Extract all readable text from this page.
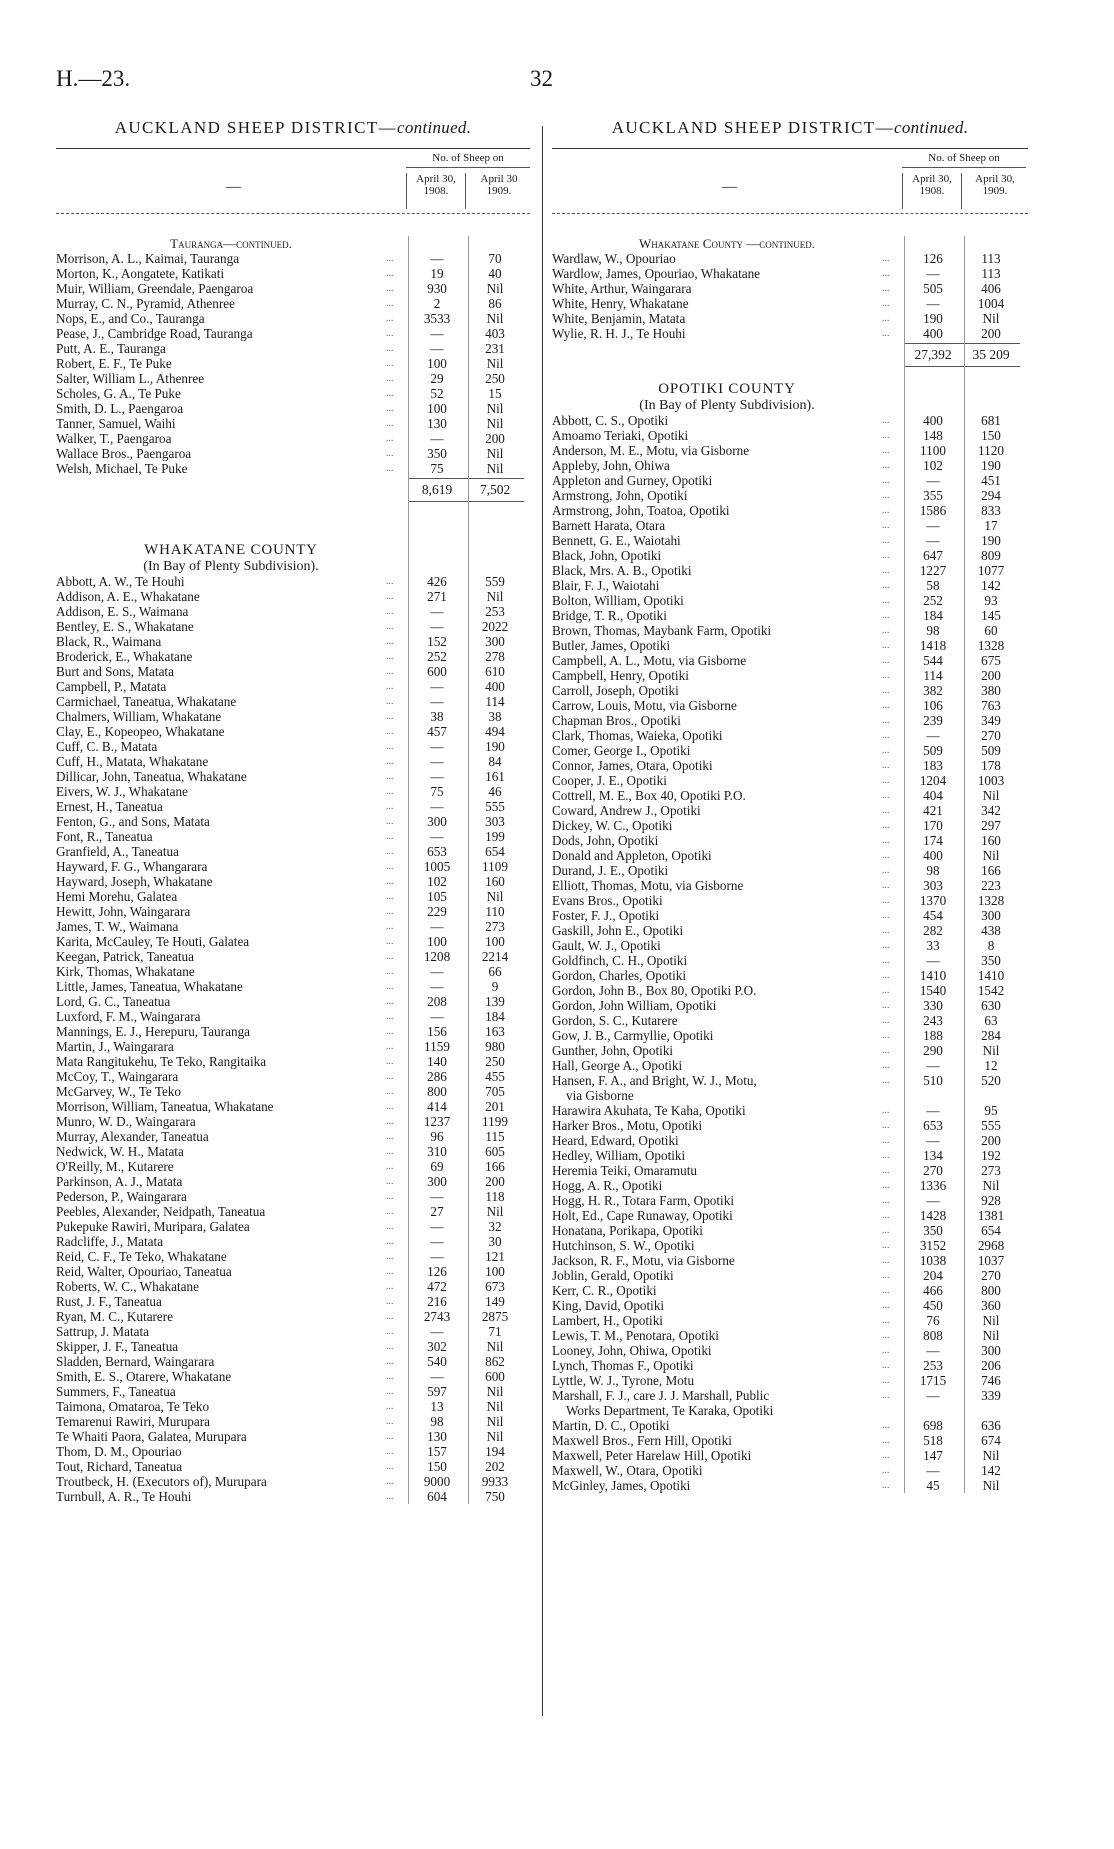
H.—23.	32
AUCKLAND SHEEP DISTRICT—continued.
—
No. of Sheep on
April 30,
1908.
April 30
1909.
Tauranga—continued.
Morrison, A. L., Kaimai, Tauranga	...	—	70
Morton, K., Aongatete, Katikati	...	19	40
Muir, William, Greendale, Paengaroa	...	930	Nil
Murray, C. N., Pyramid, Athenree	...	2	86
Nops, E., and Co., Tauranga	...	3533	Nil
Pease, J., Cambridge Road, Tauranga	...	—	403
Putt, A. E., Tauranga	...	—	231
Robert, E. F., Te Puke	...	100	Nil
Salter, William L., Athenree	...	29	250
Scholes, G. A., Te Puke	...	52	15
Smith, D. L., Paengaroa	...	100	Nil
Tanner, Samuel, Waihi	...	130	Nil
Walker, T., Paengaroa	...	—	200
Wallace Bros., Paengaroa	...	350	Nil
Welsh, Michael, Te Puke	...	75	Nil
8,619	7,502
WHAKATANE COUNTY
(In Bay of Plenty Subdivision).
Abbott, A. W., Te Houhi	...	426	559
Addison, A. E., Whakatane	...	271	Nil
Addison, E. S., Waimana	...	—	253
Bentley, E. S., Whakatane	...	—	2022
Black, R., Waimana	...	152	300
Broderick, E., Whakatane	...	252	278
Burt and Sons, Matata	...	600	610
Campbell, P., Matata	...	—	400
Carmichael, Taneatua, Whakatane	...	—	114
Chalmers, William, Whakatane	...	38	38
Clay, E., Kopeopeo, Whakatane	...	457	494
Cuff, C. B., Matata	...	—	190
Cuff, H., Matata, Whakatane	...	—	84
Dillicar, John, Taneatua, Whakatane	...	—	161
Eivers, W. J., Whakatane	...	75	46
Ernest, H., Taneatua	...	—	555
Fenton, G., and Sons, Matata	...	300	303
Font, R., Taneatua	...	—	199
Granfield, A., Taneatua	...	653	654
Hayward, F. G., Whangarara	...	1005	1109
Hayward, Joseph, Whakatane	...	102	160
Hemi Morehu, Galatea	...	105	Nil
Hewitt, John, Waingarara	...	229	110
James, T. W., Waimana	...	—	273
Karita, McCauley, Te Houti, Galatea	...	100	100
Keegan, Patrick, Taneatua	...	1208	2214
Kirk, Thomas, Whakatane	...	—	66
Little, James, Taneatua, Whakatane	...	—	9
Lord, G. C., Taneatua	...	208	139
Luxford, F. M., Waingarara	...	—	184
Mannings, E. J., Herepuru, Tauranga	...	156	163
Martin, J., Waingarara	...	1159	980
Mata Rangitukehu, Te Teko, Rangitaika	...	140	250
McCoy, T., Waingarara	...	286	455
McGarvey, W., Te Teko	...	800	705
Morrison, William, Taneatua, Whakatane	...	414	201
Munro, W. D., Waingarara	...	1237	1199
Murray, Alexander, Taneatua	...	96	115
Nedwick, W. H., Matata	...	310	605
O'Reilly, M., Kutarere	...	69	166
Parkinson, A. J., Matata	...	300	200
Pederson, P., Waingarara	...	—	118
Peebles, Alexander, Neidpath, Taneatua	...	27	Nil
Pukepuke Rawiri, Muripara, Galatea	...	—	32
Radcliffe, J., Matata	...	—	30
Reid, C. F., Te Teko, Whakatane	...	—	121
Reid, Walter, Opouriao, Taneatua	...	126	100
Roberts, W. C., Whakatane	...	472	673
Rust, J. F., Taneatua	...	216	149
Ryan, M. C., Kutarere	...	2743	2875
Sattrup, J. Matata	...	—	71
Skipper, J. F., Taneatua	...	302	Nil
Sladden, Bernard, Waingarara	...	540	862
Smith, E. S., Otarere, Whakatane	...	—	600
Summers, F., Taneatua	...	597	Nil
Taimona, Omataroa, Te Teko	...	13	Nil
Temarenui Rawiri, Murupara	...	98	Nil
Te Whaiti Paora, Galatea, Murupara	...	130	Nil
Thom, D. M., Opouriao	...	157	194
Tout, Richard, Taneatua	...	150	202
Troutbeck, H. (Executors of), Murupara	...	9000	9933
Turnbull, A. R., Te Houhi	...	604	750
AUCKLAND SHEEP DISTRICT—continued.
—
No. of Sheep on
April 30,
1908.
April 30,
1909.
Whakatane County —continued.
Wardlaw, W., Opouriao	...	126	113
Wardlow, James, Opouriao, Whakatane	...	—	113
White, Arthur, Waingarara	...	505	406
White, Henry, Whakatane	...	—	1004
White, Benjamin, Matata	...	190	Nil
Wylie, R. H. J., Te Houhi	...	400	200
27,392	35 209
OPOTIKI COUNTY
(In Bay of Plenty Subdivision).
Abbott, C. S., Opotiki	...	400	681
Amoamo Teriaki, Opotiki	...	148	150
Anderson, M. E., Motu, via Gisborne	...	1100	1120
Appleby, John, Ohiwa	...	102	190
Appleton and Gurney, Opotiki	...	—	451
Armstrong, John, Opotiki	...	355	294
Armstrong, John, Toatoa, Opotiki	...	1586	833
Barnett Harata, Otara	...	—	17
Bennett, G. E., Waiotahi	...	—	190
Black, John, Opotiki	...	647	809
Black, Mrs. A. B., Opotiki	...	1227	1077
Blair, F. J., Waiotahi	...	58	142
Bolton, William, Opotiki	...	252	93
Bridge, T. R., Opotiki	...	184	145
Brown, Thomas, Maybank Farm, Opotiki	...	98	60
Butler, James, Opotiki	...	1418	1328
Campbell, A. L., Motu, via Gisborne	...	544	675
Campbell, Henry, Opotiki	...	114	200
Carroll, Joseph, Opotiki	...	382	380
Carrow, Louis, Motu, via Gisborne	...	106	763
Chapman Bros., Opotiki	...	239	349
Clark, Thomas, Waieka, Opotiki	...	—	270
Comer, George I., Opotiki	...	509	509
Connor, James, Otara, Opotiki	...	183	178
Cooper, J. E., Opotiki	...	1204	1003
Cottrell, M. E., Box 40, Opotiki P.O.	...	404	Nil
Coward, Andrew J., Opotiki	...	421	342
Dickey, W. C., Opotiki	...	170	297
Dods, John, Opotiki	...	174	160
Donald and Appleton, Opotiki	...	400	Nil
Durand, J. E., Opotiki	...	98	166
Elliott, Thomas, Motu, via Gisborne	...	303	223
Evans Bros., Opotiki	...	1370	1328
Foster, F. J., Opotiki	...	454	300
Gaskill, John E., Opotiki	...	282	438
Gault, W. J., Opotiki	...	33	8
Goldfinch, C. H., Opotiki	...	—	350
Gordon, Charles, Opotiki	...	1410	1410
Gordon, John B., Box 80, Opotiki P.O.	...	1540	1542
Gordon, John William, Opotiki	...	330	630
Gordon, S. C., Kutarere	...	243	63
Gow, J. B., Carmyllie, Opotiki	...	188	284
Gunther, John, Opotiki	...	290	Nil
Hall, George A., Opotiki	...	—	12
Hansen, F. A., and Bright, W. J., Motu,	...	510	520
via Gisborne
Harawira Akuhata, Te Kaha, Opotiki	...	—	95
Harker Bros., Motu, Opotiki	...	653	555
Heard, Edward, Opotiki	...	—	200
Hedley, William, Opotiki	...	134	192
Heremia Teiki, Omaramutu	...	270	273
Hogg, A. R., Opotiki	...	1336	Nil
Hogg, H. R., Totara Farm, Opotiki	...	—	928
Holt, Ed., Cape Runaway, Opotiki	...	1428	1381
Honatana, Porikapa, Opotiki	...	350	654
Hutchinson, S. W., Opotiki	...	3152	2968
Jackson, R. F., Motu, via Gisborne	...	1038	1037
Joblin, Gerald, Opotiki	...	204	270
Kerr, C. R., Opotiki	...	466	800
King, David, Opotiki	...	450	360
Lambert, H., Opotiki	...	76	Nil
Lewis, T. M., Penotara, Opotiki	...	808	Nil
Looney, John, Ohiwa, Opotiki	...	—	300
Lynch, Thomas F., Opotiki	...	253	206
Lyttle, W. J., Tyrone, Motu	...	1715	746
Marshall, F. J., care J. J. Marshall, Public	...	—	339
Works Department, Te Karaka, Opotiki
Martin, D. C., Opotiki	...	698	636
Maxwell Bros., Fern Hill, Opotiki	...	518	674
Maxwell, Peter Harelaw Hill, Opotiki	...	147	Nil
Maxwell, W., Otara, Opotiki	...	—	142
McGinley, James, Opotiki	...	45	Nil
